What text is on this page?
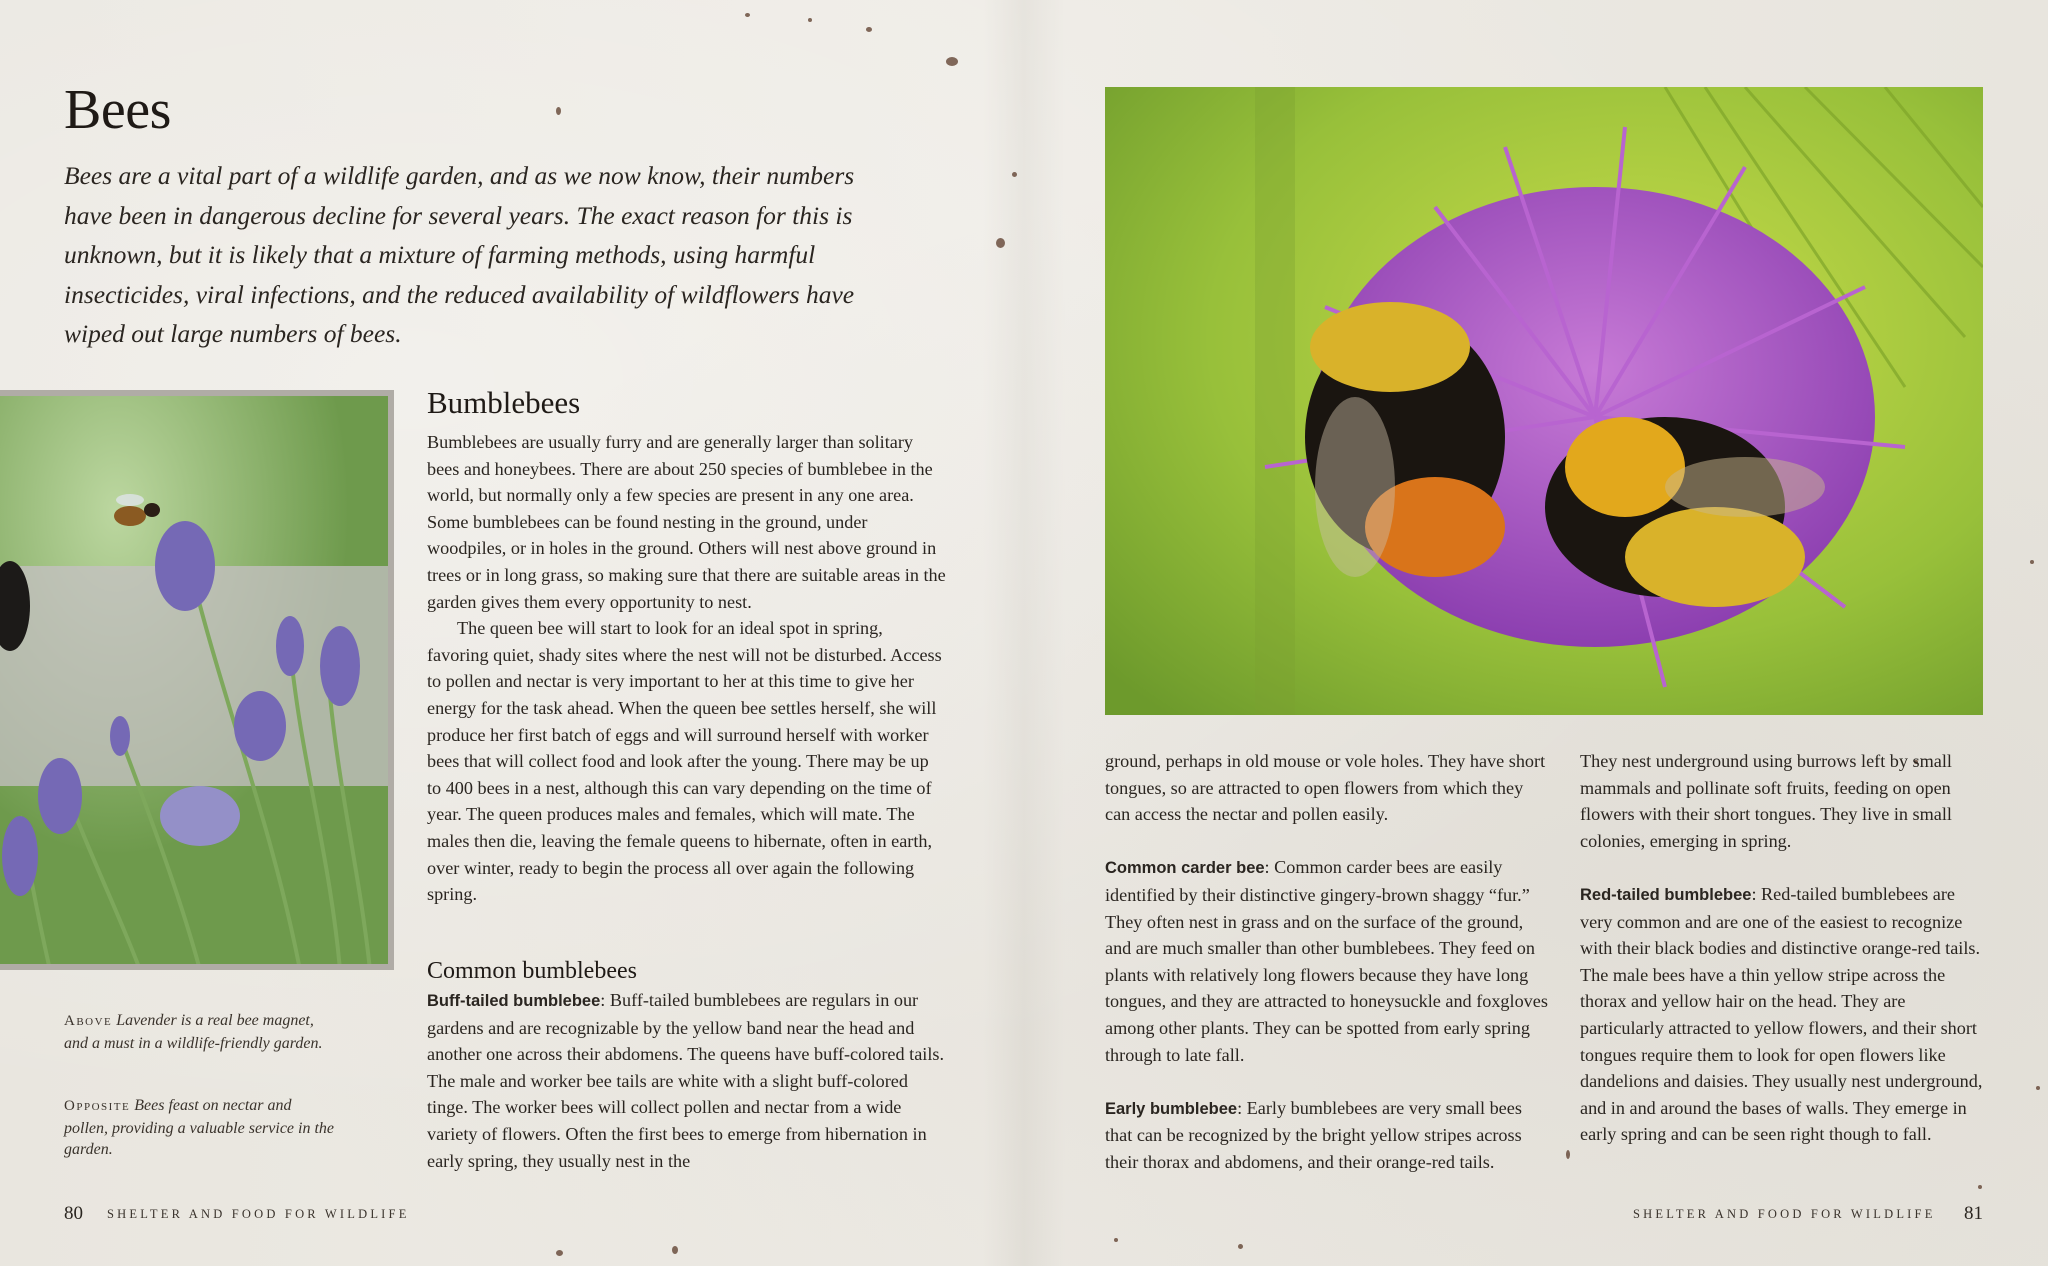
Bees
Bees are a vital part of a wildlife garden, and as we now know, their numbers have been in dangerous decline for several years. The exact reason for this is unknown, but it is likely that a mixture of farming methods, using harmful insecticides, viral infections, and the reduced availability of wildflowers have wiped out large numbers of bees.
Bumblebees

Bumblebees are usually furry and are generally larger than solitary bees and honeybees. There are about 250 species of bumblebee in the world, but normally only a few species are present in any one area. Some bumblebees can be found nesting in the ground, under woodpiles, or in holes in the ground. Others will nest above ground in trees or in long grass, so making sure that there are suitable areas in the garden gives them every opportunity to nest.

The queen bee will start to look for an ideal spot in spring, favoring quiet, shady sites where the nest will not be disturbed. Access to pollen and nectar is very important to her at this time to give her energy for the task ahead. When the queen bee settles herself, she will produce her first batch of eggs and will surround herself with worker bees that will collect food and look after the young. There may be up to 400 bees in a nest, although this can vary depending on the time of year. The queen produces males and females, which will mate. The males then die, leaving the female queens to hibernate, often in earth, over winter, ready to begin the process all over again the following spring.

Common bumblebees

Buff-tailed bumblebee: Buff-tailed bumblebees are regulars in our gardens and are recognizable by the yellow band near the head and another one across their abdomens. The queens have buff-colored tails. The male and worker bee tails are white with a slight buff-colored tinge. The worker bees will collect pollen and nectar from a wide variety of flowers. Often the first bees to emerge from hibernation in early spring, they usually nest in the

ground, perhaps in old mouse or vole holes. They have short tongues, so are attracted to open flowers from which they can access the nectar and pollen easily.

Common carder bee: Common carder bees are easily identified by their distinctive gingery-brown shaggy “fur.” They often nest in grass and on the surface of the ground, and are much smaller than other bumblebees. They feed on plants with relatively long flowers because they have long tongues, and they are attracted to honeysuckle and foxgloves among other plants. They can be spotted from early spring through to late fall.

Early bumblebee: Early bumblebees are very small bees that can be recognized by the bright yellow stripes across their thorax and abdomens, and their orange-red tails.

They nest underground using burrows left by small mammals and pollinate soft fruits, feeding on open flowers with their short tongues. They live in small colonies, emerging in spring.

Red-tailed bumblebee: Red-tailed bumblebees are very common and are one of the easiest to recognize with their black bodies and distinctive orange-red tails. The male bees have a thin yellow stripe across the thorax and yellow hair on the head. They are particularly attracted to yellow flowers, and their short tongues require them to look for open flowers like dandelions and daisies. They usually nest underground, and in and around the bases of walls. They emerge in early spring and can be seen right though to fall.

Above Lavender is a real bee magnet, and a must in a wildlife-friendly garden.
Opposite Bees feast on nectar and pollen, providing a valuable service in the garden.
80 SHELTER AND FOOD FOR WILDLIFE	SHELTER AND FOOD FOR WILDLIFE 81
